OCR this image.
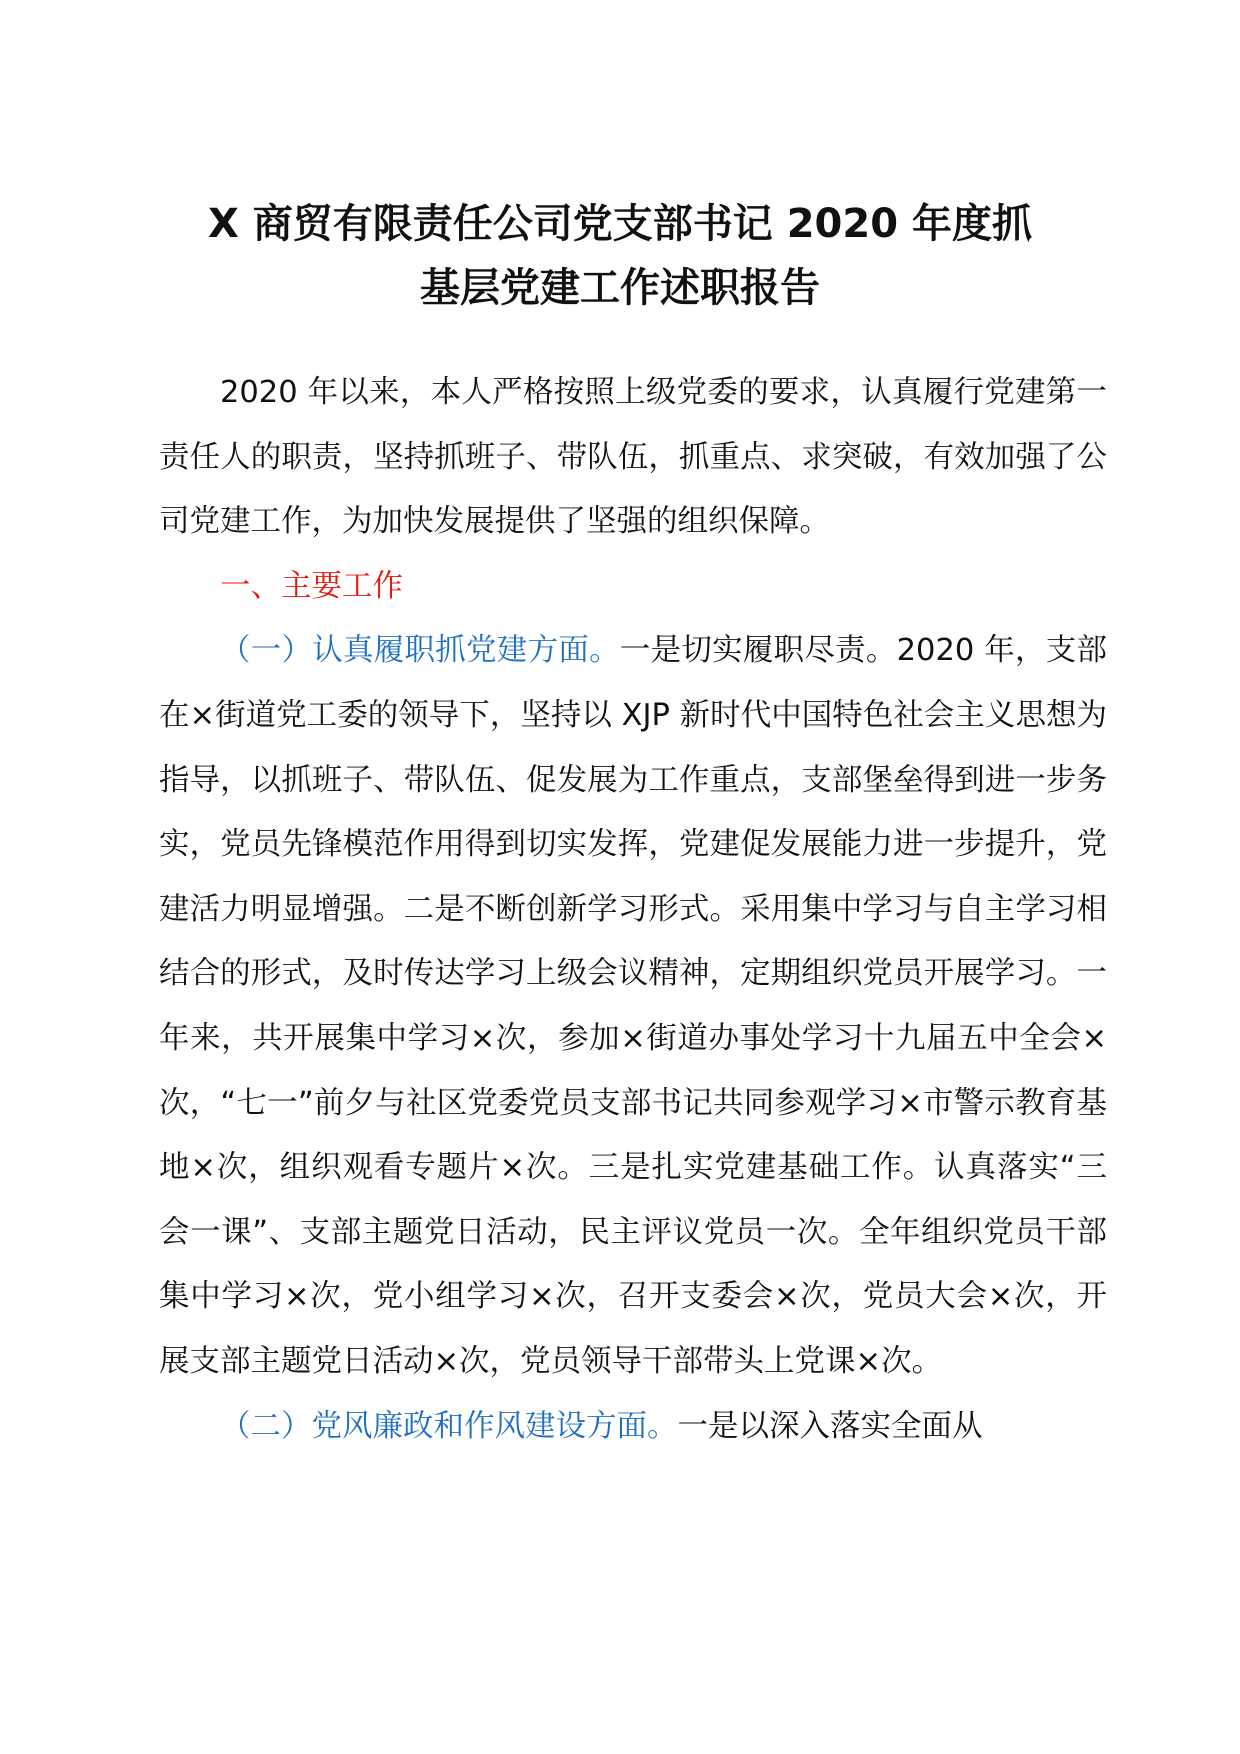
X 商贸有限责任公司党支部书记 2020 年度抓
基层党建工作述职报告

2020 年以来，本人严格按照上级党委的要求，认真履行党建第一责任人的职责，坚持抓班子、带队伍，抓重点、求突破，有效加强了公司党建工作，为加快发展提供了坚强的组织保障。

一、主要工作

（一）认真履职抓党建方面。一是切实履职尽责。2020 年，支部在×街道党工委的领导下，坚持以 XJP 新时代中国特色社会主义思想为指导，以抓班子、带队伍、促发展为工作重点，支部堡垒得到进一步务实，党员先锋模范作用得到切实发挥，党建促发展能力进一步提升，党建活力明显增强。二是不断创新学习形式。采用集中学习与自主学习相结合的形式，及时传达学习上级会议精神，定期组织党员开展学习。一年来，共开展集中学习×次，参加×街道办事处学习十九届五中全会×次，“七一”前夕与社区党委党员支部书记共同参观学习×市警示教育基地×次，组织观看专题片×次。三是扎实党建基础工作。认真落实“三会一课”、支部主题党日活动，民主评议党员一次。全年组织党员干部集中学习×次，党小组学习×次，召开支委会×次，党员大会×次，开展支部主题党日活动×次，党员领导干部带头上党课×次。

（二）党风廉政和作风建设方面。一是以深入落实全面从
